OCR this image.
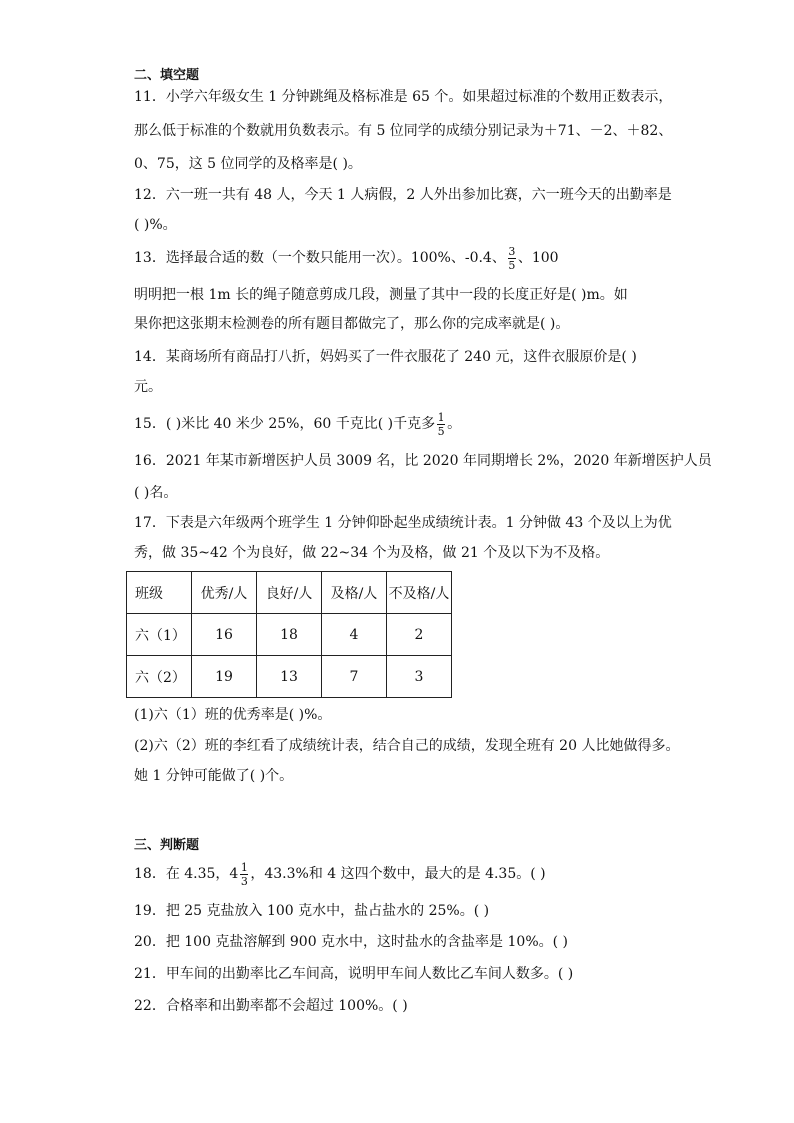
二、填空题
11．小学六年级女生 1 分钟跳绳及格标准是 65 个。如果超过标准的个数用正数表示，
那么低于标准的个数就用负数表示。有 5 位同学的成绩分别记录为＋71、－2、＋82、
0、75，这 5 位同学的及格率是( )。
12．六一班一共有 48 人，今天 1 人病假，2 人外出参加比赛，六一班今天的出勤率是
( )%。
13．选择最合适的数（一个数只能用一次）。100%、-0.4、 $\frac{3}{5}$ 、100
明明把一根 1m 长的绳子随意剪成几段，测量了其中一段的长度正好是( )m。如
果你把这张期末检测卷的所有题目都做完了，那么你的完成率就是( )。
14．某商场所有商品打八折，妈妈买了一件衣服花了 240 元，这件衣服原价是( )
元。
15．( )米比 40 米少 25%，60 千克比( )千克多 $\frac{1}{5}$ 。
16．2021 年某市新增医护人员 3009 名，比 2020 年同期增长 2%，2020 年新增医护人员
( )名。
17．下表是六年级两个班学生 1 分钟仰卧起坐成绩统计表。1 分钟做 43 个及以上为优
秀，做 35~42 个为良好，做 22~34 个为及格，做 21 个及以下为不及格。
班级	优秀/人	良好/人	及格/人	不及格/人
六（1）	16	18	4	2
六（2）	19	13	7	3
(1)六（1）班的优秀率是( )%。
(2)六（2）班的李红看了成绩统计表，结合自己的成绩，发现全班有 20 人比她做得多。
她 1 分钟可能做了( )个。
三、判断题
18．在 4.35，$4 \frac{1}{3}$ ，43.3%和 4 这四个数中，最大的是 4.35。( )
19．把 25 克盐放入 100 克水中，盐占盐水的 25%。( )
20．把 100 克盐溶解到 900 克水中，这时盐水的含盐率是 10%。( )
21．甲车间的出勤率比乙车间高，说明甲车间人数比乙车间人数多。( )
22．合格率和出勤率都不会超过 100%。( )
